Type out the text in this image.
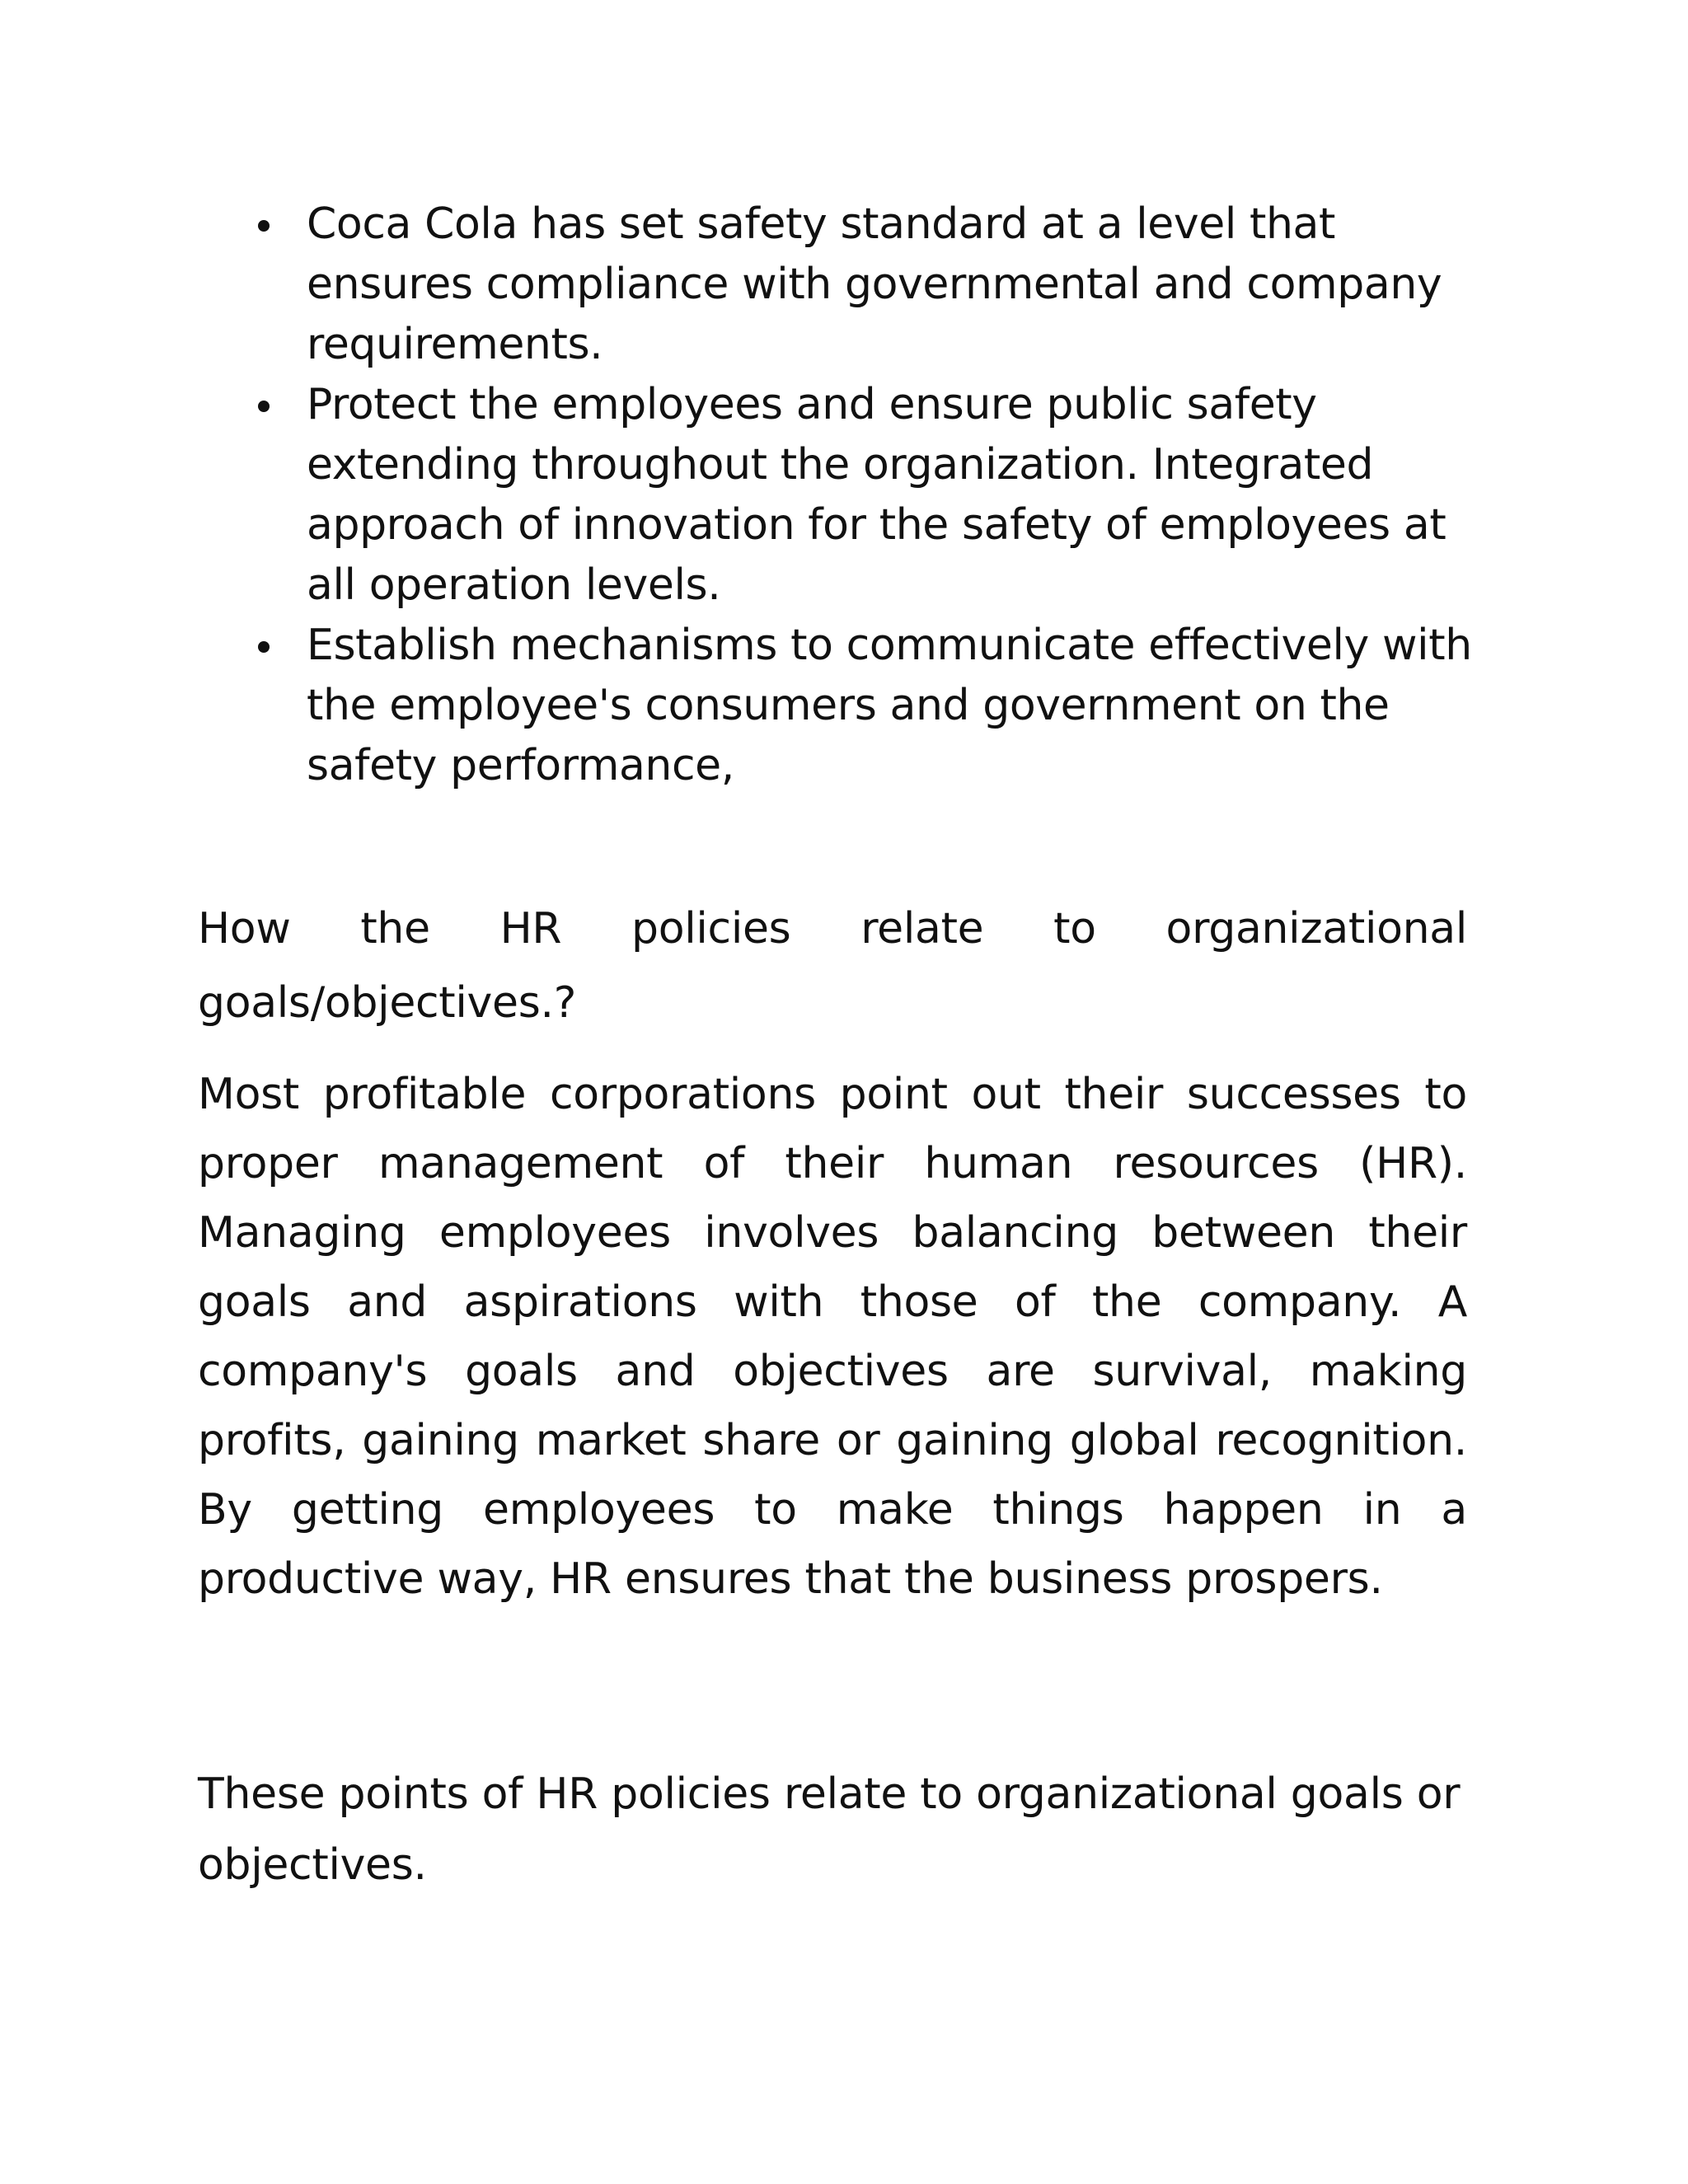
Coca Cola has set safety standard at a level that ensures compliance with governmental and company requirements.
Protect the employees and ensure public safety extending throughout the organization. Integrated approach of innovation for the safety of employees at all operation levels.
Establish mechanisms to communicate effectively with the employee's consumers and government on the safety performance,

How the HR policies relate to organizational goals/objectives.?

Most profitable corporations point out their successes to proper management of their human resources (HR). Managing employees involves balancing between their goals and aspirations with those of the company. A company's goals and objectives are survival, making profits, gaining market share or gaining global recognition. By getting employees to make things happen in a productive way, HR ensures that the business prospers.

These points of HR policies relate to organizational goals or objectives.
